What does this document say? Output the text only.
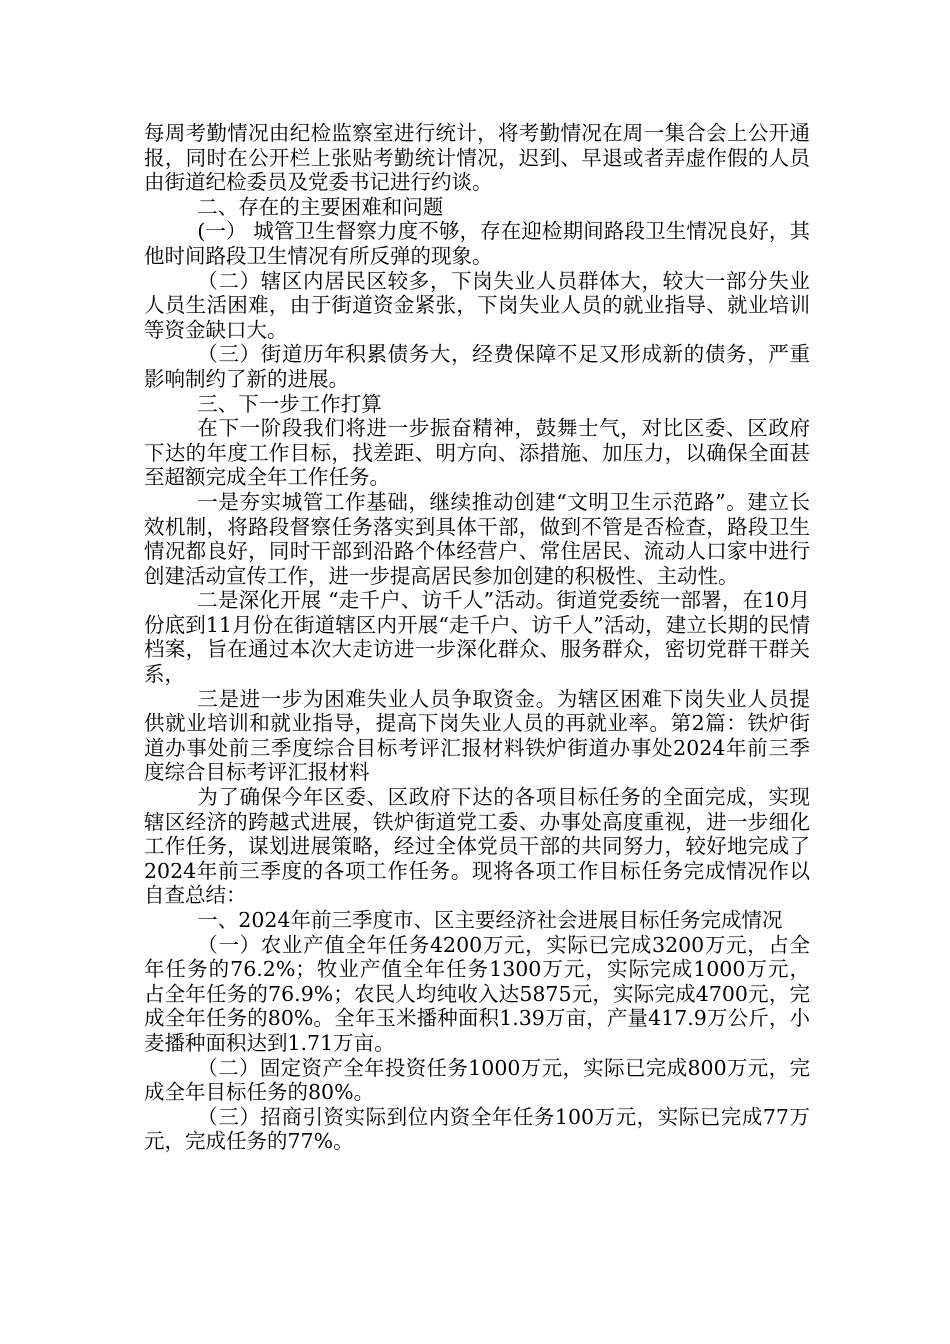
每周考勤情况由纪检监察室进行统计，将考勤情况在周一集合会上公开通报，同时在公开栏上张贴考勤统计情况，迟到、早退或者弄虚作假的人员由街道纪检委员及党委书记进行约谈。

二、存在的主要困难和问题

(一） 城管卫生督察力度不够，存在迎检期间路段卫生情况良好，其他时间路段卫生情况有所反弹的现象。

（二）辖区内居民区较多，下岗失业人员群体大，较大一部分失业人员生活困难，由于街道资金紧张，下岗失业人员的就业指导、就业培训等资金缺口大。

（三）街道历年积累债务大，经费保障不足又形成新的债务，严重影响制约了新的进展。

三、下一步工作打算

在下一阶段我们将进一步振奋精神，鼓舞士气，对比区委、区政府下达的年度工作目标，找差距、明方向、添措施、加压力，以确保全面甚至超额完成全年工作任务。

一是夯实城管工作基础，继续推动创建“文明卫生示范路”。建立长效机制，将路段督察任务落实到具体干部，做到不管是否检查，路段卫生情况都良好，同时干部到沿路个体经营户、常住居民、流动人口家中进行创建活动宣传工作，进一步提高居民参加创建的积极性、主动性。

二是深化开展 “走千户、访千人”活动。街道党委统一部署，在10月份底到11月份在街道辖区内开展“走千户、访千人”活动，建立长期的民情档案，旨在通过本次大走访进一步深化群众、服务群众，密切党群干群关系，

三是进一步为困难失业人员争取资金。为辖区困难下岗失业人员提供就业培训和就业指导，提高下岗失业人员的再就业率。第2篇：铁炉街道办事处前三季度综合目标考评汇报材料铁炉街道办事处2024年前三季度综合目标考评汇报材料

为了确保今年区委、区政府下达的各项目标任务的全面完成，实现辖区经济的跨越式进展，铁炉街道党工委、办事处高度重视，进一步细化工作任务，谋划进展策略，经过全体党员干部的共同努力，较好地完成了2024年前三季度的各项工作任务。现将各项工作目标任务完成情况作以自查总结：

一、2024年前三季度市、区主要经济社会进展目标任务完成情况

（一）农业产值全年任务4200万元，实际已完成3200万元，占全年任务的76.2%；牧业产值全年任务1300万元，实际完成1000万元， 占全年任务的76.9%；农民人均纯收入达5875元，实际完成4700元，完成全年任务的80%。全年玉米播种面积1.39万亩，产量417.9万公斤，小麦播种面积达到1.71万亩。

（二）固定资产全年投资任务1000万元，实际已完成800万元，完成全年目标任务的80%。

（三）招商引资实际到位内资全年任务100万元，实际已完成77万元，完成任务的77%。
